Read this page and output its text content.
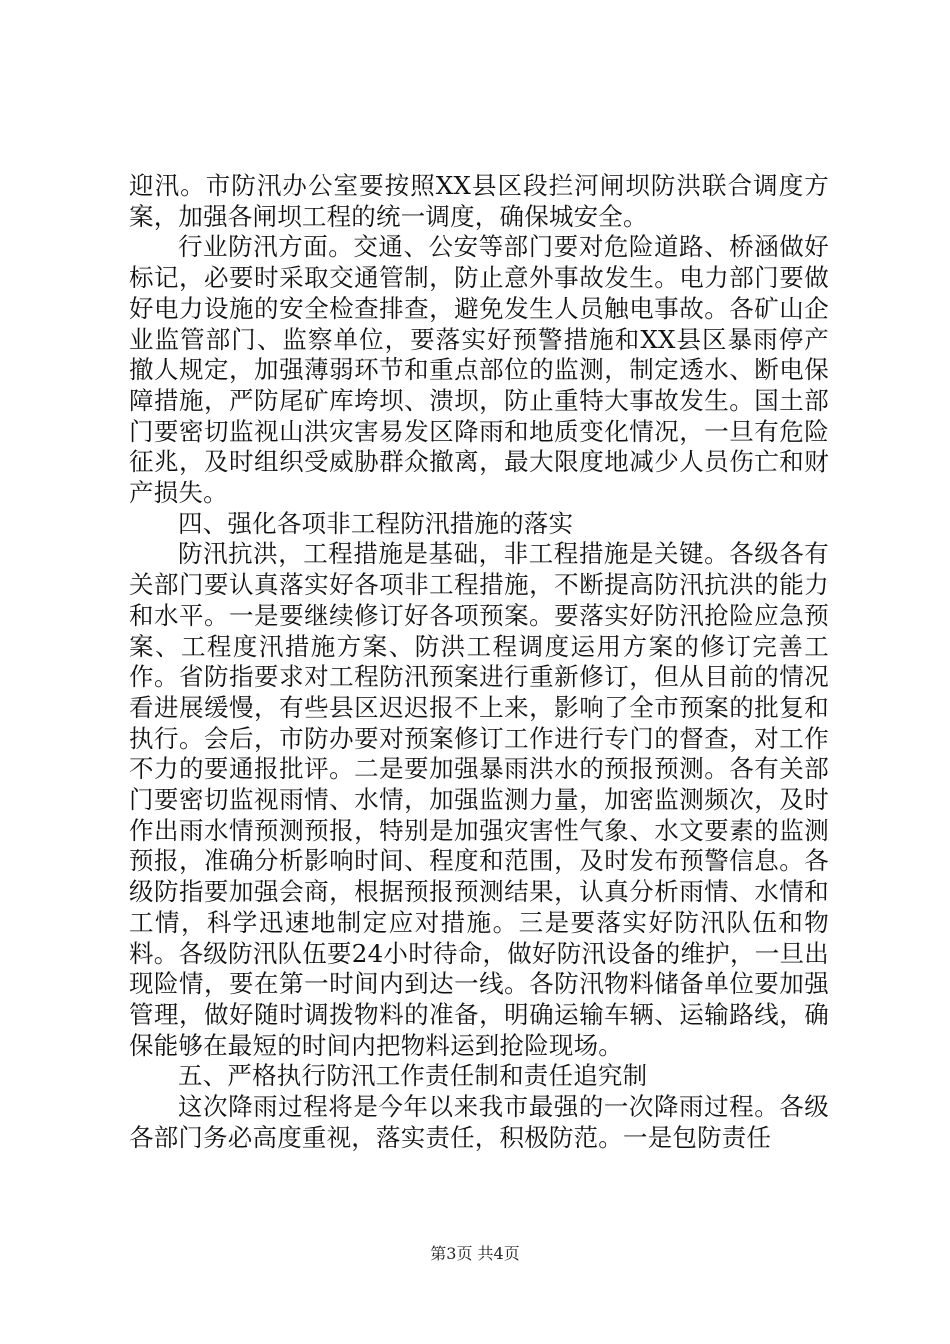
迎汛。市防汛办公室要按照XX县区段拦河闸坝防洪联合调度方案，加强各闸坝工程的统一调度，确保城安全。

行业防汛方面。交通、公安等部门要对危险道路、桥涵做好标记，必要时采取交通管制，防止意外事故发生。电力部门要做好电力设施的安全检查排查，避免发生人员触电事故。各矿山企业监管部门、监察单位，要落实好预警措施和XX县区暴雨停产撤人规定，加强薄弱环节和重点部位的监测，制定透水、断电保障措施，严防尾矿库垮坝、溃坝，防止重特大事故发生。国土部门要密切监视山洪灾害易发区降雨和地质变化情况，一旦有危险征兆，及时组织受威胁群众撤离，最大限度地减少人员伤亡和财产损失。

四、强化各项非工程防汛措施的落实

防汛抗洪，工程措施是基础，非工程措施是关键。各级各有关部门要认真落实好各项非工程措施，不断提高防汛抗洪的能力和水平。一是要继续修订好各项预案。要落实好防汛抢险应急预案、工程度汛措施方案、防洪工程调度运用方案的修订完善工作。省防指要求对工程防汛预案进行重新修订，但从目前的情况看进展缓慢，有些县区迟迟报不上来，影响了全市预案的批复和执行。会后，市防办要对预案修订工作进行专门的督查，对工作不力的要通报批评。二是要加强暴雨洪水的预报预测。各有关部门要密切监视雨情、水情，加强监测力量，加密监测频次，及时作出雨水情预测预报，特别是加强灾害性气象、水文要素的监测预报，准确分析影响时间、程度和范围，及时发布预警信息。各级防指要加强会商，根据预报预测结果，认真分析雨情、水情和工情，科学迅速地制定应对措施。三是要落实好防汛队伍和物料。各级防汛队伍要24小时待命，做好防汛设备的维护，一旦出现险情，要在第一时间内到达一线。各防汛物料储备单位要加强管理，做好随时调拨物料的准备，明确运输车辆、运输路线，确保能够在最短的时间内把物料运到抢险现场。

五、严格执行防汛工作责任制和责任追究制

这次降雨过程将是今年以来我市最强的一次降雨过程。各级各部门务必高度重视，落实责任，积极防范。一是包防责任

第3页 共4页
